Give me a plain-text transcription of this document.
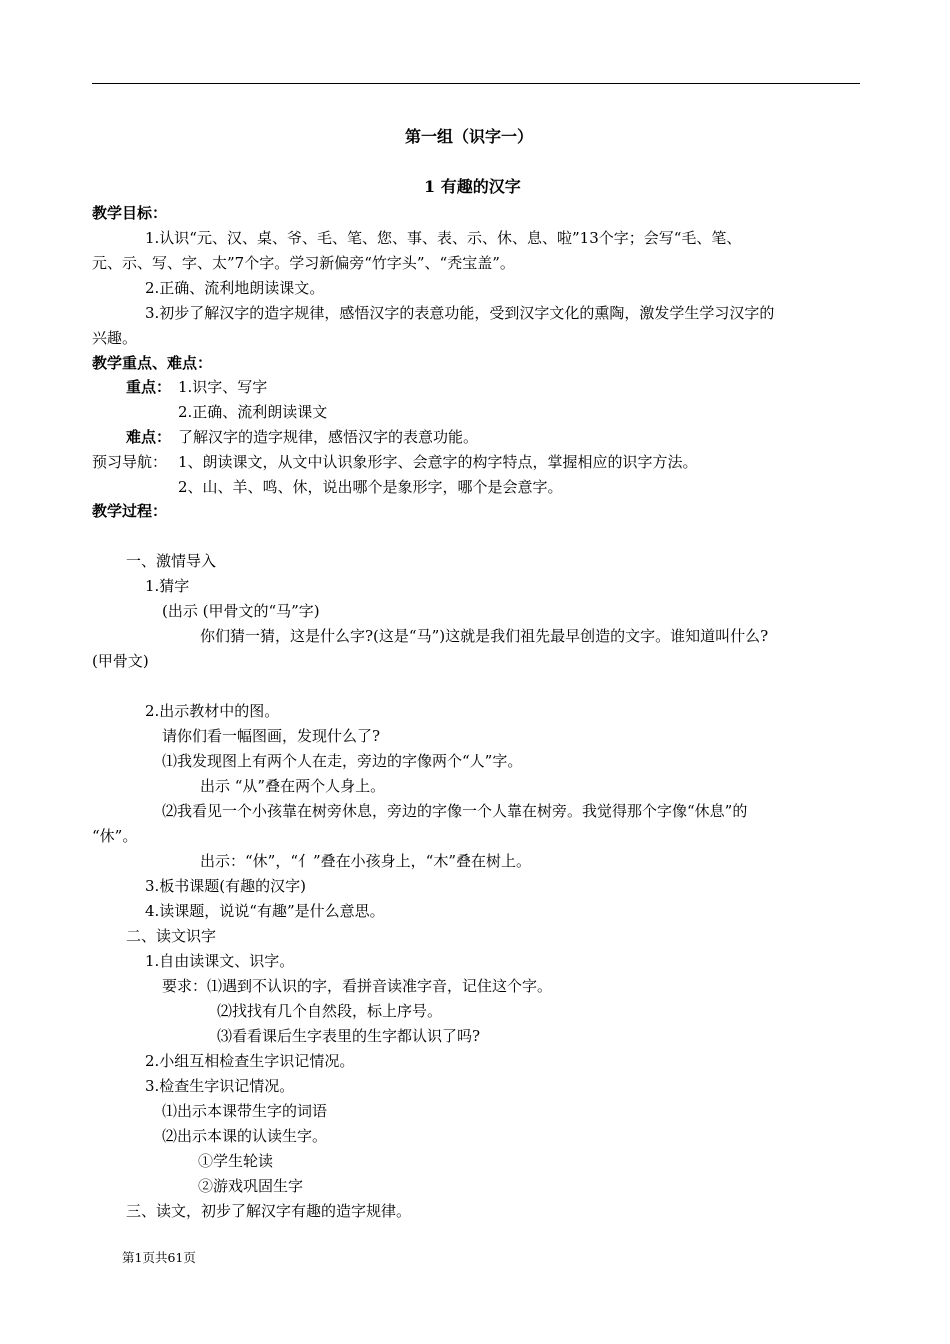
第一组（识字一）
1 有趣的汉字
教学目标：
1.认识“元、汉、桌、爷、毛、笔、您、事、表、示、休、息、啦”13个字；会写“毛、笔、
元、示、写、字、太”7个字。学习新偏旁“竹字头”、“秃宝盖”。
2.正确、流利地朗读课文。
3.初步了解汉字的造字规律，感悟汉字的表意功能，受到汉字文化的熏陶，激发学生学习汉字的
兴趣。
教学重点、难点：
重点： 1.识字、写字
2.正确、流利朗读课文
难点： 了解汉字的造字规律，感悟汉字的表意功能。
预习导航： 1、朗读课文，从文中认识象形字、会意字的构字特点，掌握相应的识字方法。
2、山、羊、鸣、休，说出哪个是象形字，哪个是会意字。
教学过程：
一、激情导入
1.猜字
(出示 (甲骨文的“马”字)
你们猜一猜，这是什么字?(这是“马”)这就是我们祖先最早创造的文字。谁知道叫什么?
(甲骨文)
2.出示教材中的图。
请你们看一幅图画，发现什么了?
⑴我发现图上有两个人在走，旁边的字像两个“人”字。
出示 “从”叠在两个人身上。
⑵我看见一个小孩靠在树旁休息，旁边的字像一个人靠在树旁。我觉得那个字像“休息”的
“休”。
出示：“休”，“亻”叠在小孩身上，“木”叠在树上。
3.板书课题(有趣的汉字)
4.读课题，说说“有趣”是什么意思。
二、读文识字
1.自由读课文、识字。
要求：⑴遇到不认识的字，看拼音读准字音，记住这个字。
⑵找找有几个自然段，标上序号。
⑶看看课后生字表里的生字都认识了吗?
2.小组互相检查生字识记情况。
3.检查生字识记情况。
⑴出示本课带生字的词语
⑵出示本课的认读生字。
①学生轮读
②游戏巩固生字
三、读文，初步了解汉字有趣的造字规律。
第1页共61页
